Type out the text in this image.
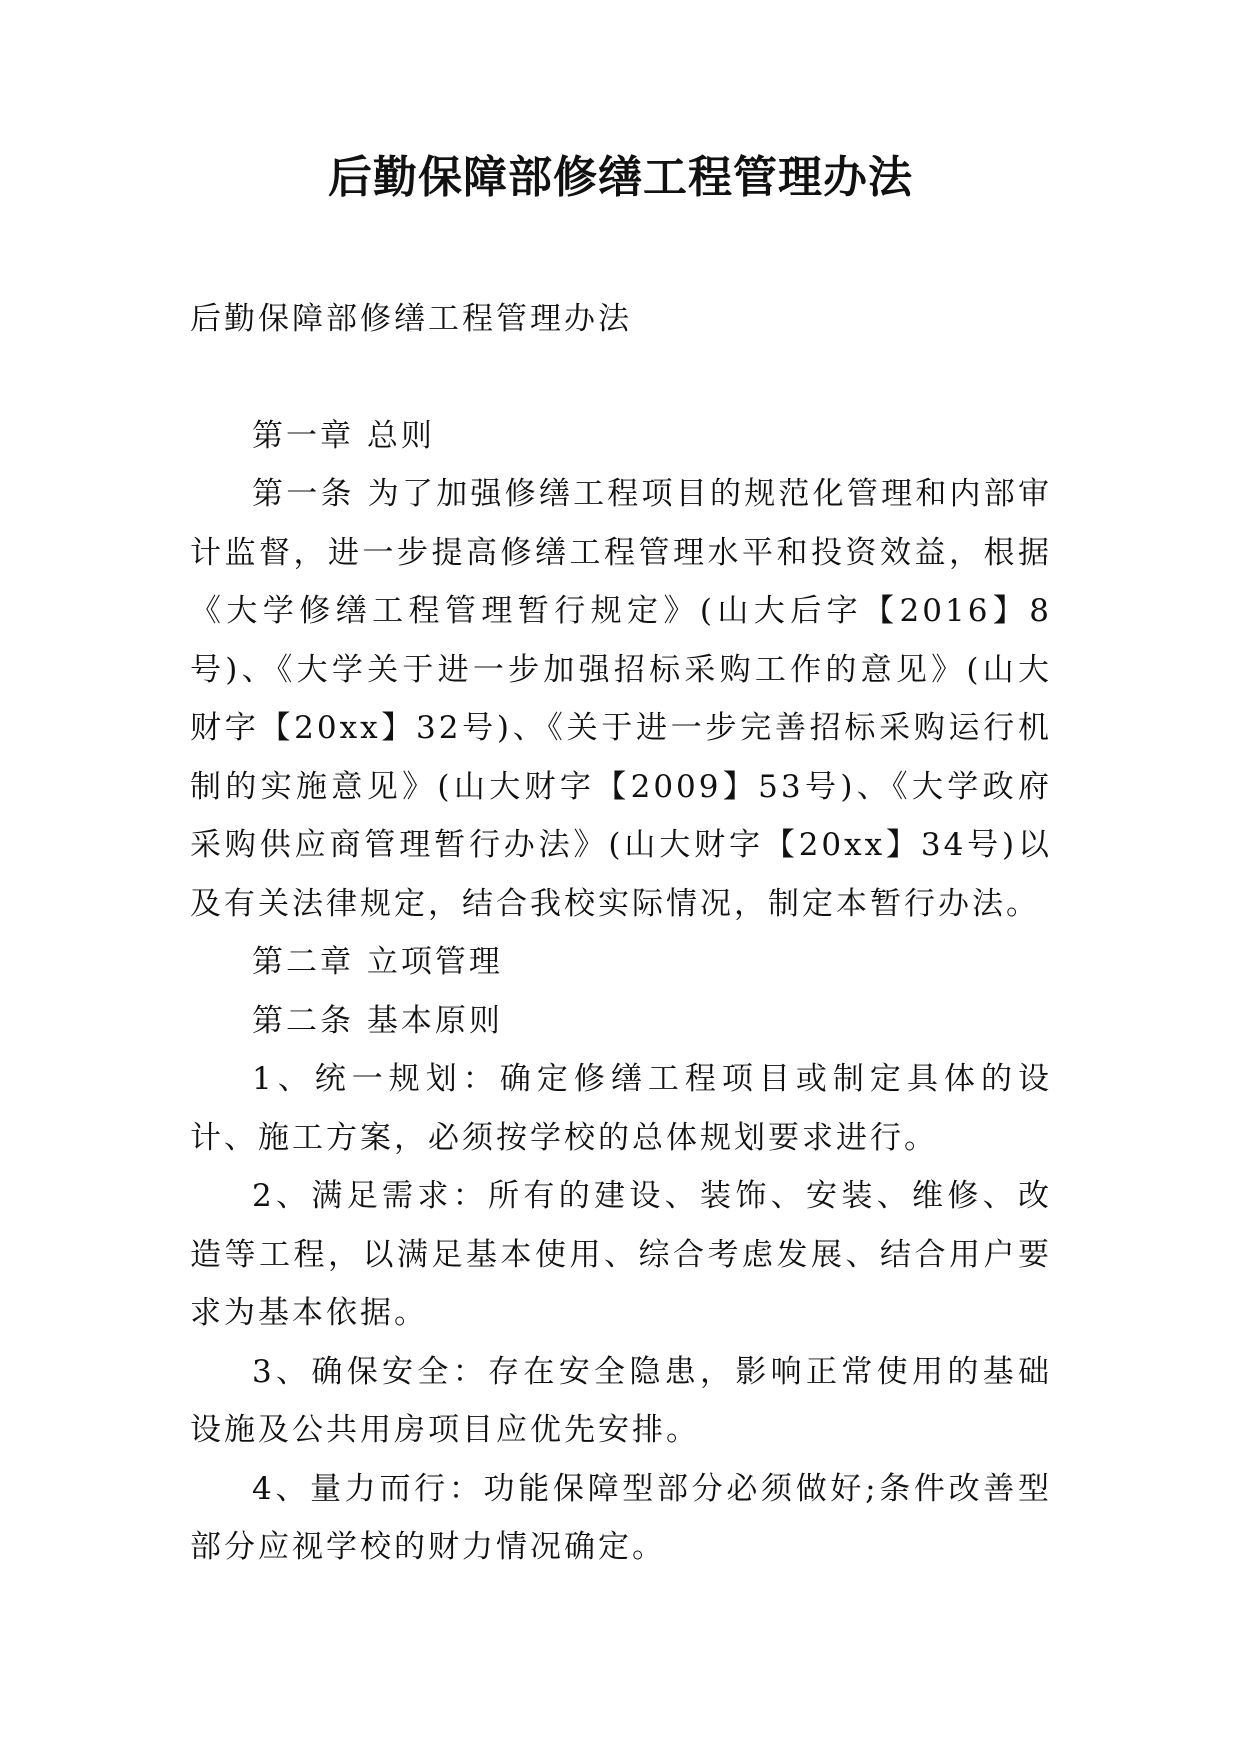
后勤保障部修缮工程管理办法

后勤保障部修缮工程管理办法

第一章 总则

第一条 为了加强修缮工程项目的规范化管理和内部审计监督，进一步提高修缮工程管理水平和投资效益，根据《大学修缮工程管理暂行规定》(山大后字【2016】8号)、《大学关于进一步加强招标采购工作的意见》(山大财字【20xx】32号)、《关于进一步完善招标采购运行机制的实施意见》(山大财字【2009】53号)、《大学政府采购供应商管理暂行办法》(山大财字【20xx】34号)以及有关法律规定，结合我校实际情况，制定本暂行办法。

第二章 立项管理

第二条 基本原则

1、统一规划：确定修缮工程项目或制定具体的设计、施工方案，必须按学校的总体规划要求进行。

2、满足需求：所有的建设、装饰、安装、维修、改造等工程，以满足基本使用、综合考虑发展、结合用户要求为基本依据。

3、确保安全：存在安全隐患，影响正常使用的基础设施及公共用房项目应优先安排。

4、量力而行：功能保障型部分必须做好;条件改善型部分应视学校的财力情况确定。
